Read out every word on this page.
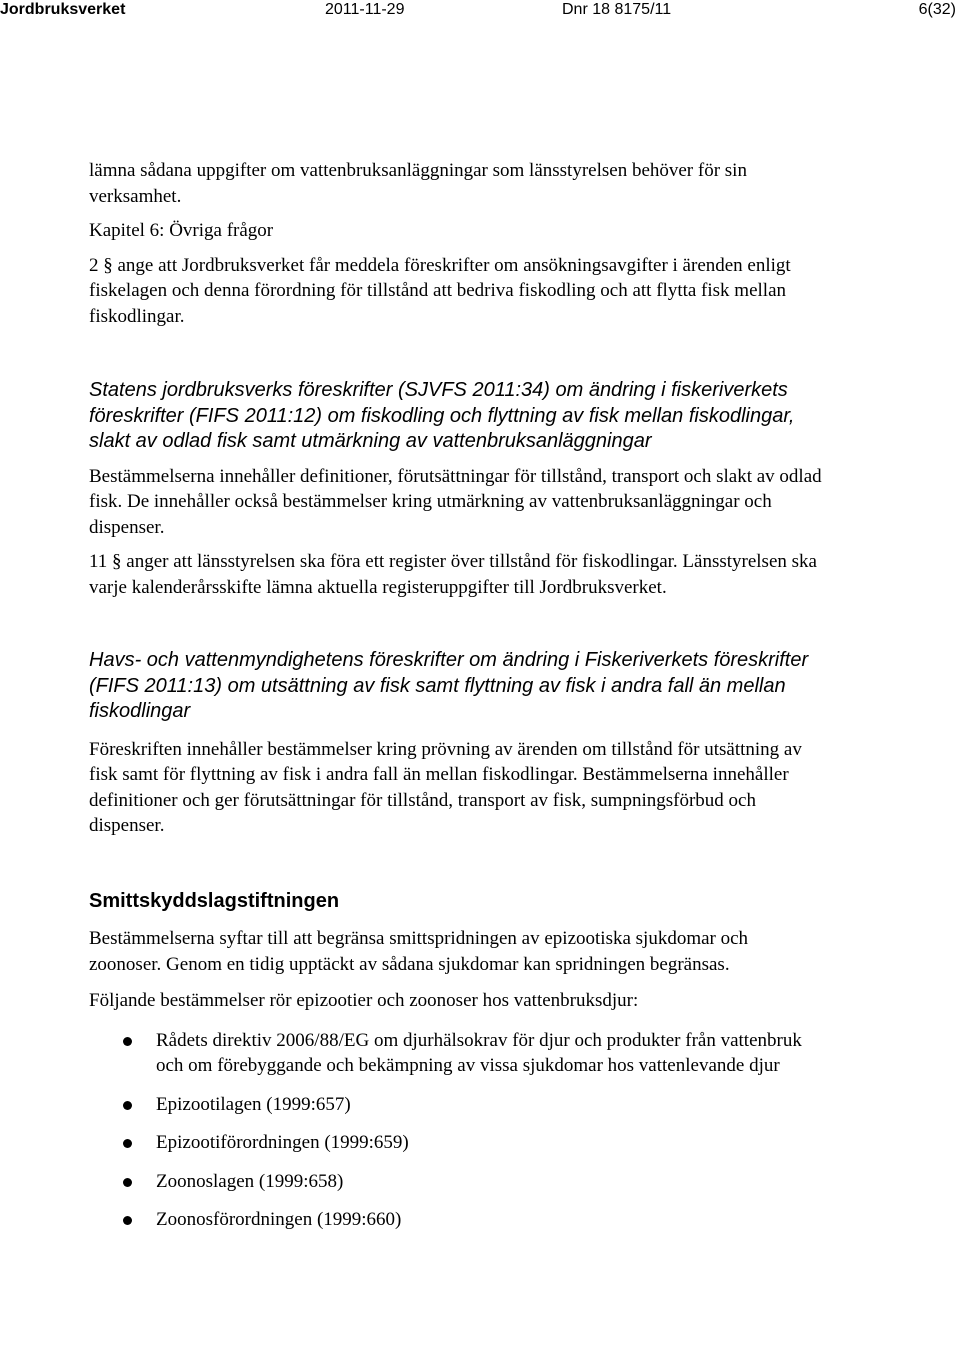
Jordbruksverket	2011-11-29	Dnr 18 8175/11	6(32)

lämna sådana uppgifter om vattenbruksanläggningar som länsstyrelsen behöver för sin verksamhet.

Kapitel 6: Övriga frågor

2 § ange att Jordbruksverket får meddela föreskrifter om ansökningsavgifter i ärenden enligt fiskelagen och denna förordning för tillstånd att bedriva fiskodling och att flytta fisk mellan fiskodlingar.

Statens jordbruksverks föreskrifter (SJVFS 2011:34) om ändring i fiskeriverkets föreskrifter (FIFS 2011:12) om fiskodling och flyttning av fisk mellan fiskodlingar, slakt av odlad fisk samt utmärkning av vattenbruksanläggningar

Bestämmelserna innehåller definitioner, förutsättningar för tillstånd, transport och slakt av odlad fisk. De innehåller också bestämmelser kring utmärkning av vattenbruksanläggningar och dispenser.

11 § anger att länsstyrelsen ska föra ett register över tillstånd för fiskodlingar. Länsstyrelsen ska varje kalenderårsskifte lämna aktuella registeruppgifter till Jordbruksverket.

Havs- och vattenmyndighetens föreskrifter om ändring i Fiskeriverkets föreskrifter (FIFS 2011:13) om utsättning av fisk samt flyttning av fisk i andra fall än mellan fiskodlingar

Föreskriften innehåller bestämmelser kring prövning av ärenden om tillstånd för utsättning av fisk samt för flyttning av fisk i andra fall än mellan fiskodlingar. Bestämmelserna innehåller definitioner och ger förutsättningar för tillstånd, transport av fisk, sumpningsförbud och dispenser.

Smittskyddslagstiftningen

Bestämmelserna syftar till att begränsa smittspridningen av epizootiska sjukdomar och zoonoser. Genom en tidig upptäckt av sådana sjukdomar kan spridningen begränsas.

Följande bestämmelser rör epizootier och zoonoser hos vattenbruksdjur:

Rådets direktiv 2006/88/EG om djurhälsokrav för djur och produkter från vattenbruk och om förebyggande och bekämpning av vissa sjukdomar hos vattenlevande djur
Epizootilagen (1999:657)
Epizootiförordningen (1999:659)
Zoonoslagen (1999:658)
Zoonosförordningen (1999:660)
